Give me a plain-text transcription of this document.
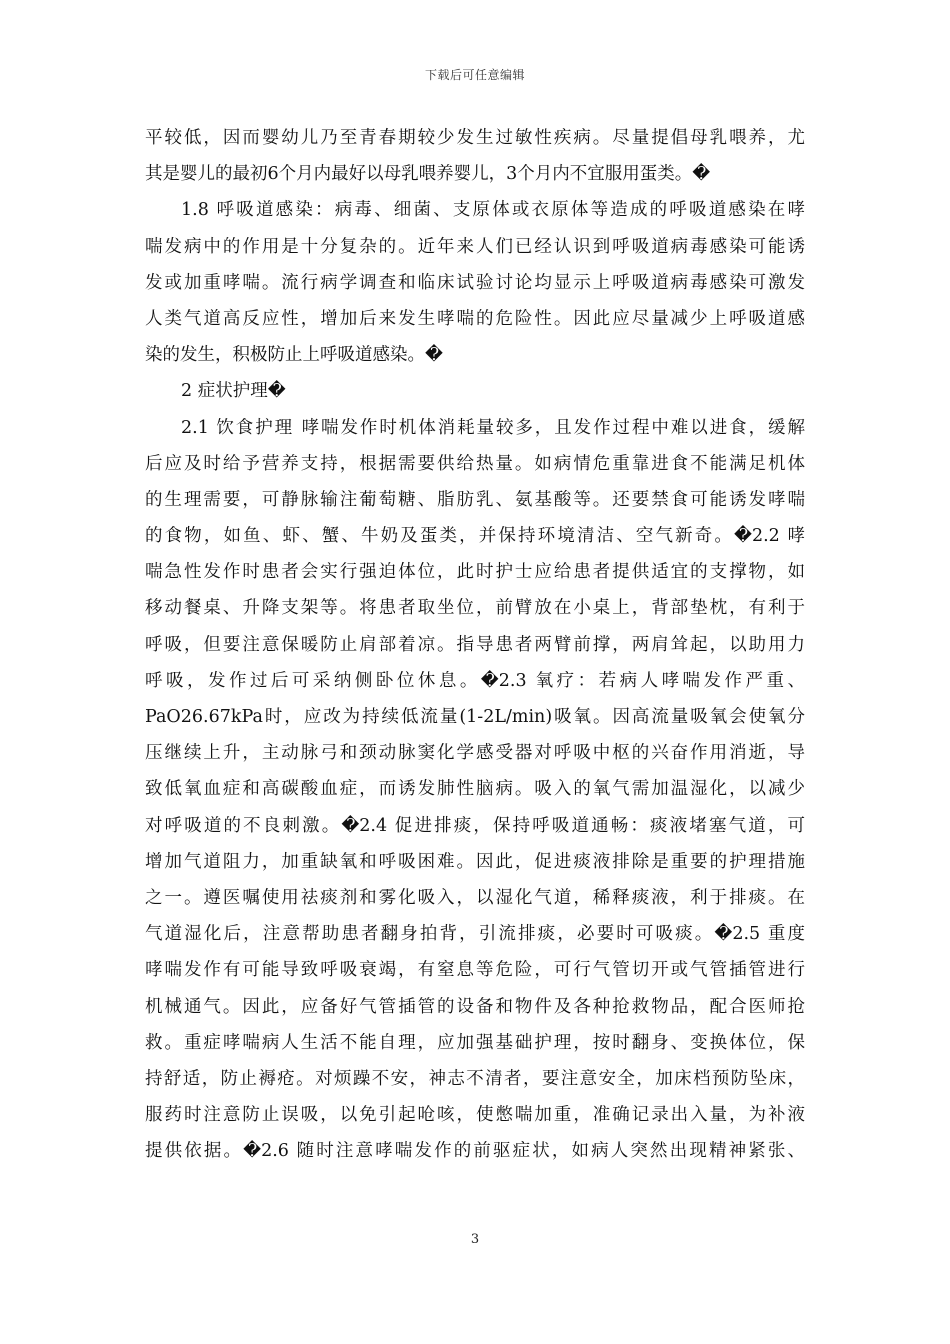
下载后可任意编辑
平较低，因而婴幼儿乃至青春期较少发生过敏性疾病。尽量提倡母乳喂养，尤
其是婴儿的最初6个月内最好以母乳喂养婴儿，3个月内不宜服用蛋类。�
1.8 呼吸道感染：病毒、细菌、支原体或衣原体等造成的呼吸道感染在哮
喘发病中的作用是十分复杂的。近年来人们已经认识到呼吸道病毒感染可能诱
发或加重哮喘。流行病学调查和临床试验讨论均显示上呼吸道病毒感染可激发
人类气道高反应性，增加后来发生哮喘的危险性。因此应尽量减少上呼吸道感
染的发生，积极防止上呼吸道感染。�
2 症状护理�
2.1 饮食护理 哮喘发作时机体消耗量较多，且发作过程中难以进食，缓解
后应及时给予营养支持，根据需要供给热量。如病情危重靠进食不能满足机体
的生理需要，可静脉输注葡萄糖、脂肪乳、氨基酸等。还要禁食可能诱发哮喘
的食物，如鱼、虾、蟹、牛奶及蛋类，并保持环境清洁、空气新奇。�2.2 哮
喘急性发作时患者会实行强迫体位，此时护士应给患者提供适宜的支撑物，如
移动餐桌、升降支架等。将患者取坐位，前臂放在小桌上，背部垫枕，有利于
呼吸，但要注意保暖防止肩部着凉。指导患者两臂前撑，两肩耸起，以助用力
呼吸，发作过后可采纳侧卧位休息。�2.3 氧疗：若病人哮喘发作严重、
PaO26.67kPa时，应改为持续低流量(1-2L/min)吸氧。因高流量吸氧会使氧分
压继续上升，主动脉弓和颈动脉窦化学感受器对呼吸中枢的兴奋作用消逝，导
致低氧血症和高碳酸血症，而诱发肺性脑病。吸入的氧气需加温湿化，以减少
对呼吸道的不良刺激。�2.4 促进排痰，保持呼吸道通畅：痰液堵塞气道，可
增加气道阻力，加重缺氧和呼吸困难。因此，促进痰液排除是重要的护理措施
之一。遵医嘱使用祛痰剂和雾化吸入，以湿化气道，稀释痰液，利于排痰。在
气道湿化后，注意帮助患者翻身拍背，引流排痰，必要时可吸痰。�2.5 重度
哮喘发作有可能导致呼吸衰竭，有窒息等危险，可行气管切开或气管插管进行
机械通气。因此，应备好气管插管的设备和物件及各种抢救物品，配合医师抢
救。重症哮喘病人生活不能自理，应加强基础护理，按时翻身、变换体位，保
持舒适，防止褥疮。对烦躁不安，神志不清者，要注意安全，加床档预防坠床，
服药时注意防止误吸，以免引起呛咳，使憋喘加重，准确记录出入量，为补液
提供依据。�2.6 随时注意哮喘发作的前驱症状，如病人突然出现精神紧张、
3
